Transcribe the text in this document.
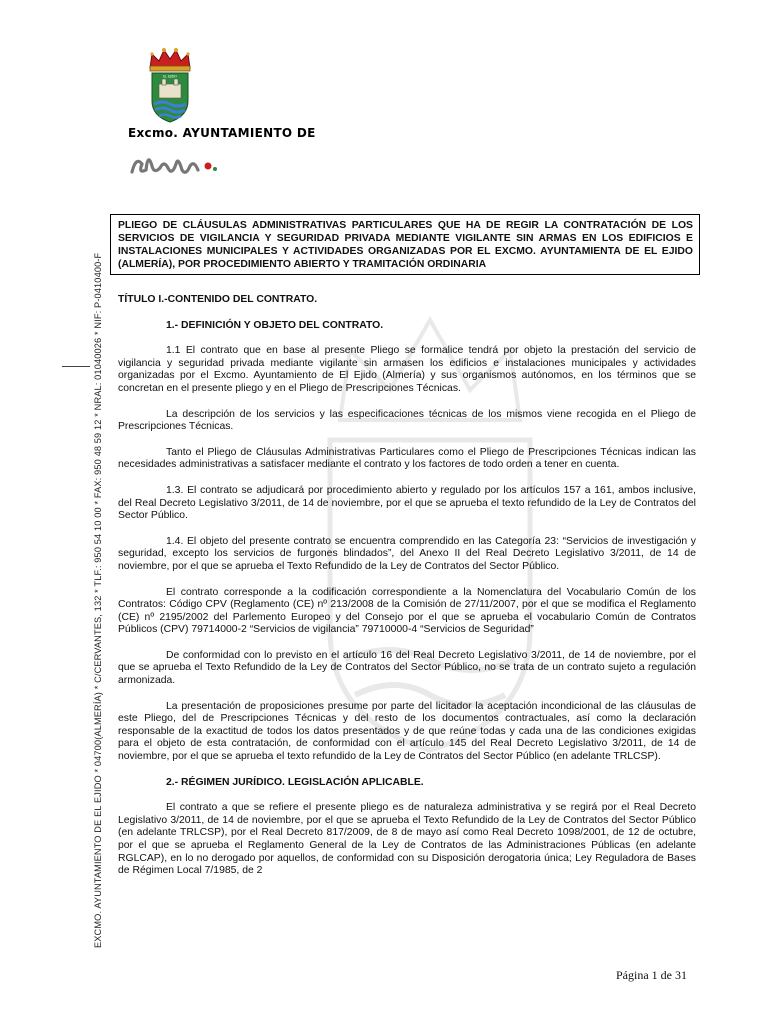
EL EJIDO
Excmo. AYUNTAMIENTO DE
el ejido.
EXCMO. AYUNTAMIENTO DE EL EJIDO * 04700(ALMERÍA) * C/CERVANTES, 132 * TLF.: 950 54 10 00 * FAX: 950 48 59 12 * NRAL: 01040026 * NIF: P-0410400-F
PLIEGO DE CLÁUSULAS ADMINISTRATIVAS PARTICULARES QUE HA DE REGIR LA CONTRATACIÓN DE LOS SERVICIOS DE VIGILANCIA Y SEGURIDAD PRIVADA MEDIANTE VIGILANTE SIN ARMAS EN LOS EDIFICIOS E INSTALACIONES MUNICIPALES Y ACTIVIDADES ORGANIZADAS POR EL EXCMO. AYUNTAMIENTA DE EL EJIDO (ALMERÍA), POR PROCEDIMIENTO ABIERTO Y TRAMITACIÓN ORDINARIA
TÍTULO I.-CONTENIDO DEL CONTRATO.
1.- DEFINICIÓN Y OBJETO DEL CONTRATO.

1.1 El contrato que en base al presente Pliego se formalice tendrá por objeto la prestación del servicio de vigilancia y seguridad privada mediante vigilante sin armasen los edificios e instalaciones municipales y actividades organizadas por el Excmo. Ayuntamiento de El Ejido (Almería) y sus organismos autónomos, en los términos que se concretan en el presente pliego y en el Pliego de Prescripciones Técnicas.

La descripción de los servicios y las especificaciones técnicas de los mismos viene recogida en el Pliego de Prescripciones Técnicas.

Tanto el Pliego de Cláusulas Administrativas Particulares como el Pliego de Prescripciones Técnicas indican las necesidades administrativas a satisfacer mediante el contrato y los factores de todo orden a tener en cuenta.

1.3. El contrato se adjudicará por procedimiento abierto y regulado por los artículos 157 a 161, ambos inclusive, del Real Decreto Legislativo 3/2011, de 14 de noviembre, por el que se aprueba el texto refundido de la Ley de Contratos del Sector Público.

1.4. El objeto del presente contrato se encuentra comprendido en las Categoría 23: “Servicios de investigación y seguridad, excepto los servicios de furgones blindados”, del Anexo II del Real Decreto Legislativo 3/2011, de 14 de noviembre, por el que se aprueba el Texto Refundido de la Ley de Contratos del Sector Público.

El contrato corresponde a la codificación correspondiente a la Nomenclatura del Vocabulario Común de los Contratos: Código CPV (Reglamento (CE) nº 213/2008 de la Comisión de 27/11/2007, por el que se modifica el Reglamento (CE) nº 2195/2002 del Parlemento Europeo y del Consejo por el que se aprueba el vocabulario Común de Contratos Públicos (CPV) 79714000-2 “Servicios de vigilancia” 79710000-4 “Servicios de Seguridad”

De conformidad con lo previsto en el artículo 16 del Real Decreto Legislativo 3/2011, de 14 de noviembre, por el que se aprueba el Texto Refundido de la Ley de Contratos del Sector Público, no se trata de un contrato sujeto a regulación armonizada.

La presentación de proposiciones presume por parte del licitador la aceptación incondicional de las cláusulas de este Pliego, del de Prescripciones Técnicas y del resto de los documentos contractuales, así como la declaración responsable de la exactitud de todos los datos presentados y de que reúne todas y cada una de las condiciones exigidas para el objeto de esta contratación, de conformidad con el artículo 145 del Real Decreto Legislativo 3/2011, de 14 de noviembre, por el que se aprueba el texto refundido de la Ley de Contratos del Sector Público (en adelante TRLCSP).

2.- RÉGIMEN JURÍDICO. LEGISLACIÓN APLICABLE.

El contrato a que se refiere el presente pliego es de naturaleza administrativa y se regirá por el Real Decreto Legislativo 3/2011, de 14 de noviembre, por el que se aprueba el Texto Refundido de la Ley de Contratos del Sector Público (en adelante TRLCSP), por el Real Decreto 817/2009, de 8 de mayo así como Real Decreto 1098/2001, de 12 de octubre, por el que se aprueba el Reglamento General de la Ley de Contratos de las Administraciones Públicas (en adelante RGLCAP), en lo no derogado por aquellos, de conformidad con su Disposición derogatoria única; Ley Reguladora de Bases de Régimen Local 7/1985, de 2

Página 1 de 31
